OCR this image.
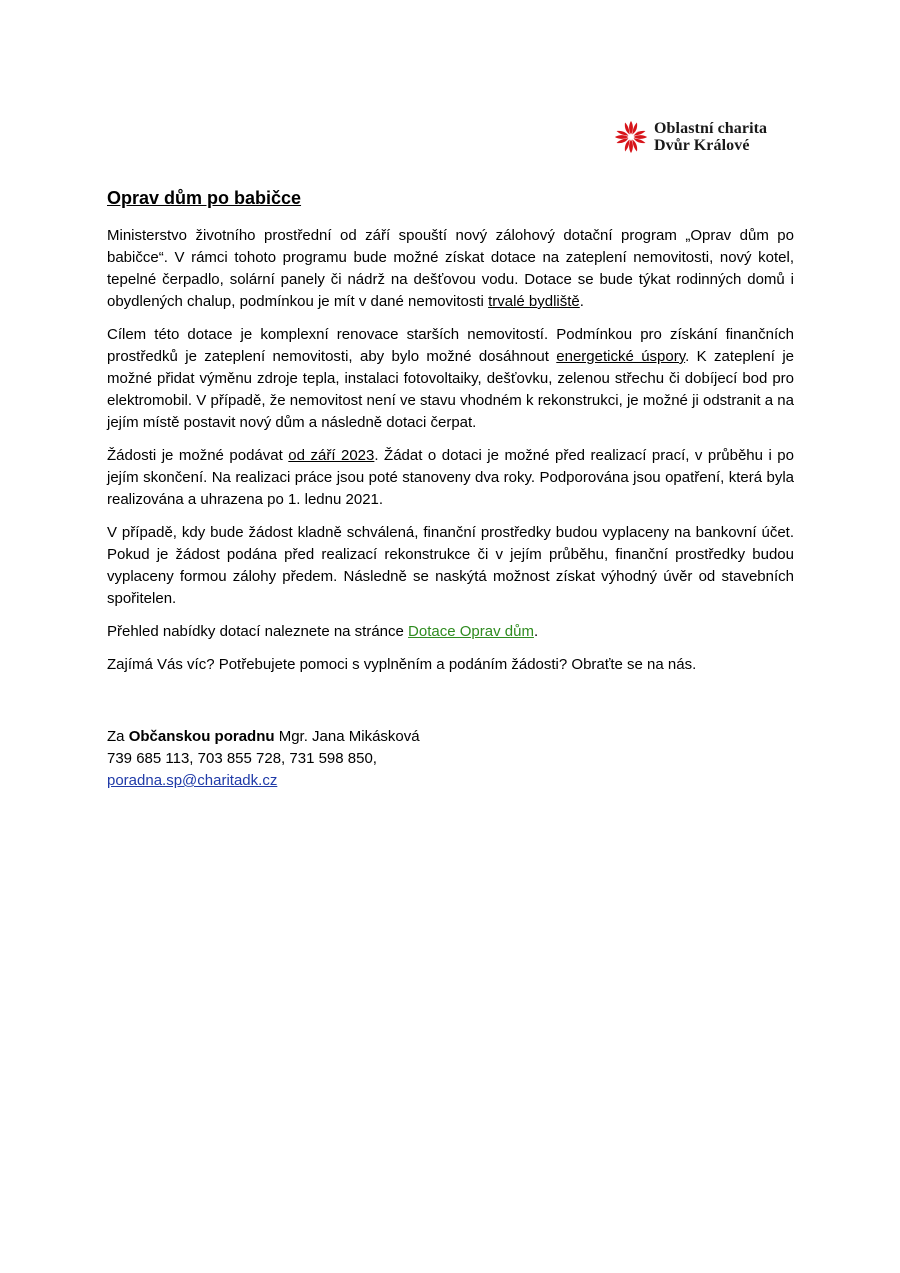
Oblastní charita
Dvůr Králové
Oprav dům po babičce

Ministerstvo životního prostřední od září spouští nový zálohový dotační program „Oprav dům po babičce“. V rámci tohoto programu bude možné získat dotace na zateplení nemovitosti, nový kotel, tepelné čerpadlo, solární panely či nádrž na dešťovou vodu. Dotace se bude týkat rodinných domů i obydlených chalup, podmínkou je mít v dané nemovitosti trvalé bydliště.

Cílem této dotace je komplexní renovace starších nemovitostí. Podmínkou pro získání finančních prostředků je zateplení nemovitosti, aby bylo možné dosáhnout energetické úspory. K zateplení je možné přidat výměnu zdroje tepla, instalaci fotovoltaiky, dešťovku, zelenou střechu či dobíjecí bod pro elektromobil. V případě, že nemovitost není ve stavu vhodném k rekonstrukci, je možné ji odstranit a na jejím místě postavit nový dům a následně dotaci čerpat.

Žádosti je možné podávat od září 2023. Žádat o dotaci je možné před realizací prací, v průběhu i po jejím skončení. Na realizaci práce jsou poté stanoveny dva roky. Podporována jsou opatření, která byla realizována a uhrazena po 1. lednu 2021.

V případě, kdy bude žádost kladně schválená, finanční prostředky budou vyplaceny na bankovní účet. Pokud je žádost podána před realizací rekonstrukce či v jejím průběhu, finanční prostředky budou vyplaceny formou zálohy předem. Následně se naskýtá možnost získat výhodný úvěr od stavebních spořitelen.

Přehled nabídky dotací naleznete na stránce Dotace Oprav dům.

Zajímá Vás víc? Potřebujete pomoci s vyplněním a podáním žádosti? Obraťte se na nás.

Za Občanskou poradnu Mgr. Jana Mikásková
739 685 113, 703 855 728, 731 598 850,
poradna.sp@charitadk.cz
